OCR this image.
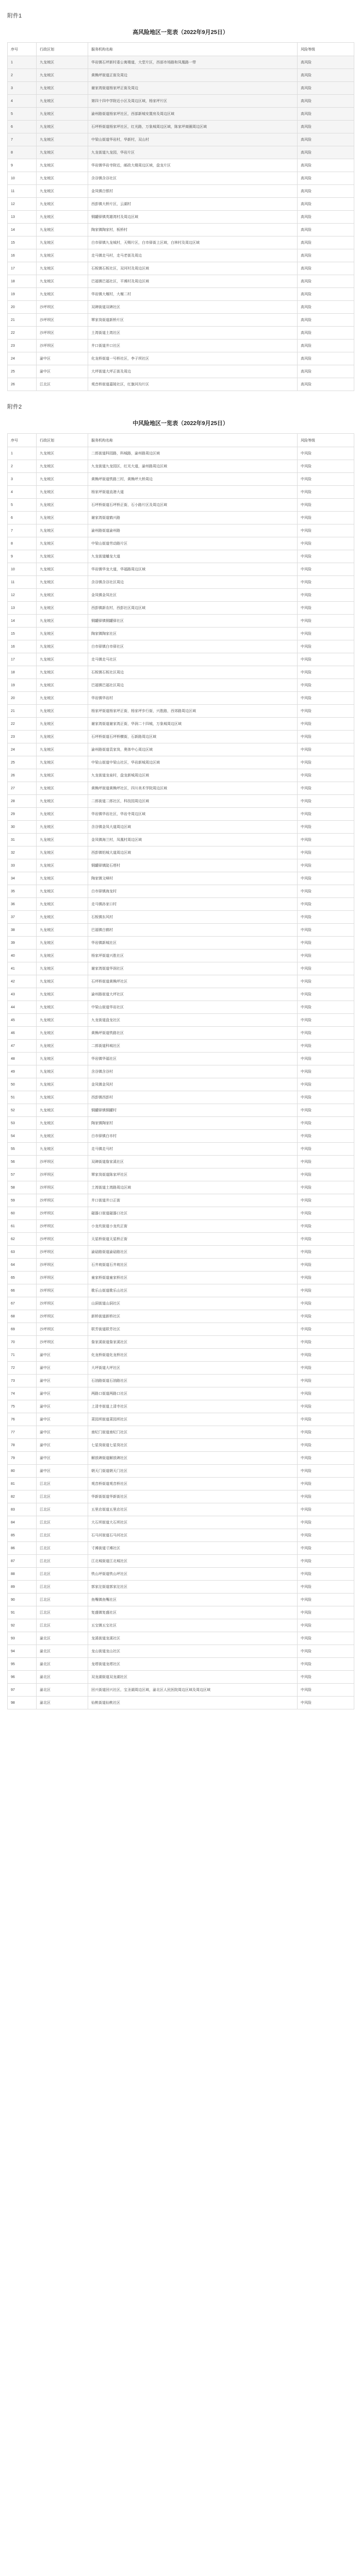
附件1
高风险地区一览表（2022年9月25日）
序号	行政区划	服务机构名称	风险等级
1	九龙坡区	华岩镇石坪新村委公寓楼道，大堂片区，西部市场路和凤凰路一带	高风险
2	九龙坡区	黄桷坪街道正街及周边	高风险
3	九龙坡区	谢家湾街道杨家坪正街及周边	高风险
4	九龙坡区	第四十四中学附近小区及周边区域，杨家坪片区	高风险
5	九龙坡区	渝州路街道杨家坪社区，西部新城安置房及周边区域	高风险
6	九龙坡区	石坪桥街道杨家坪社区，红光路，万象城周边区域，陈家坪商圈周边区域	高风险
7	九龙坡区	中梁山街道华岩村，华新村，双山村	高风险
8	九龙坡区	九龙街道九龙园，华岩片区	高风险
9	九龙坡区	华岩镇华岩寺附近，邮政大楼周边区域，盘龙片区	高风险
10	九龙坡区	含谷镇含谷社区	高风险
11	九龙坡区	金凤镇白银村	高风险
12	九龙坡区	西彭镇大桥片区，云湖村	高风险
13	九龙坡区	铜罐驿镇英雄湾村及周边区域	高风险
14	九龙坡区	陶家镇陶家村，板桥村	高风险
15	九龙坡区	白市驿镇九龙城村，天赐片区，白市驿街上区域，白林村及周边区域	高风险
16	九龙坡区	走马镇走马村，走马老街及周边	高风险
17	九龙坡区	石板镇石板社区，双河村及周边区域	高风险
18	九龙坡区	巴福镇巴福社区，平滩村及周边区域	高风险
19	九龙坡区	华岩镇大堰村，大堰二村	高风险
20	沙坪坝区	双碑街道双碑社区	高风险
21	沙坪坝区	覃家岗街道新桥片区	高风险
22	沙坪坝区	土湾街道土湾社区	高风险
23	沙坪坝区	井口街道井口社区	高风险
24	渝中区	化龙桥街道一号桥社区，李子坝社区	高风险
25	渝中区	大坪街道大坪正街及周边	高风险
26	江北区	观音桥街道嘉陵社区，红旗河沟片区	高风险
附件2
中风险地区一览表（2022年9月25日）
序号	行政区划	服务机构名称	风险等级
1	九龙坡区	二郎街道科园路，科城路，渝州路周边区域	中风险
2	九龙坡区	九龙街道九龙园区，红光大道，渝州路周边区域	中风险
3	九龙坡区	黄桷坪街道铁路三村，黄桷坪大桥周边	中风险
4	九龙坡区	杨家坪街道直港大道	中风险
5	九龙坡区	石坪桥街道石坪桥正街，石小路片区及周边区域	中风险
6	九龙坡区	谢家湾街道鹤兴路	中风险
7	九龙坡区	渝州路街道渝州路	中风险
8	九龙坡区	中梁山街道劳动路片区	中风险
9	九龙坡区	九龙街道蟠龙大道	中风险
10	九龙坡区	华岩镇华龙大道，华福路周边区域	中风险
11	九龙坡区	含谷镇含谷社区周边	中风险
12	九龙坡区	金凤镇金凤社区	中风险
13	九龙坡区	西彭镇新农村，西彭社区周边区域	中风险
14	九龙坡区	铜罐驿镇铜罐驿社区	中风险
15	九龙坡区	陶家镇陶家社区	中风险
16	九龙坡区	白市驿镇白市驿社区	中风险
17	九龙坡区	走马镇走马社区	中风险
18	九龙坡区	石板镇石板社区周边	中风险
19	九龙坡区	巴福镇巴福社区周边	中风险
20	九龙坡区	华岩镇华岩村	中风险
21	九龙坡区	杨家坪街道杨家坪正街，杨家坪步行街，兴胜路，西郊路周边区域	中风险
22	九龙坡区	谢家湾街道谢家湾正街，华润二十四城，万象城周边区域	中风险
23	九龙坡区	石坪桥街道石坪桥横街，石新路周边区域	中风险
24	九龙坡区	渝州路街道袁家岗，奥体中心周边区域	中风险
25	九龙坡区	中梁山街道中梁山社区，华岩新城周边区域	中风险
26	九龙坡区	九龙街道龙泉村，盘龙新城周边区域	中风险
27	九龙坡区	黄桷坪街道黄桷坪社区，四川美术学院周边区域	中风险
28	九龙坡区	二郎街道二郎社区，科技园周边区域	中风险
29	九龙坡区	华岩镇华岩社区，华岩寺周边区域	中风险
30	九龙坡区	含谷镇金凤大道周边区域	中风险
31	九龙坡区	金凤镇海兰村，凤凰村周边区域	中风险
32	九龙坡区	西彭镇铝城大道周边区域	中风险
33	九龙坡区	铜罐驿镇陡石塔村	中风险
34	九龙坡区	陶家镇文峰村	中风险
35	九龙坡区	白市驿镇海龙村	中风险
36	九龙坡区	走马镇孙家口村	中风险
37	九龙坡区	石板镇东风村	中风险
38	九龙坡区	巴福镇白鹤村	中风险
39	九龙坡区	华岩镇新城社区	中风险
40	九龙坡区	杨家坪街道兴胜社区	中风险
41	九龙坡区	谢家湾街道华润社区	中风险
42	九龙坡区	石坪桥街道黄桷坪社区	中风险
43	九龙坡区	渝州路街道大坪社区	中风险
44	九龙坡区	中梁山街道华岩社区	中风险
45	九龙坡区	九龙街道盘龙社区	中风险
46	九龙坡区	黄桷坪街道铁路社区	中风险
47	九龙坡区	二郎街道科城社区	中风险
48	九龙坡区	华岩镇华福社区	中风险
49	九龙坡区	含谷镇含谷村	中风险
50	九龙坡区	金凤镇金凤村	中风险
51	九龙坡区	西彭镇西彭村	中风险
52	九龙坡区	铜罐驿镇铜罐村	中风险
53	九龙坡区	陶家镇陶家村	中风险
54	九龙坡区	白市驿镇白市村	中风险
55	九龙坡区	走马镇走马村	中风险
56	沙坪坝区	双碑街道詹家溪社区	中风险
57	沙坪坝区	覃家岗街道陈家坪社区	中风险
58	沙坪坝区	土湾街道土湾路周边区域	中风险
59	沙坪坝区	井口街道井口正街	中风险
60	沙坪坝区	磁器口街道磁器口社区	中风险
61	沙坪坝区	小龙坎街道小龙坎正街	中风险
62	沙坪坝区	天星桥街道天星桥正街	中风险
63	沙坪坝区	渝碚路街道渝碚路社区	中风险
64	沙坪坝区	石井坡街道石井坡社区	中风险
65	沙坪坝区	童家桥街道童家桥社区	中风险
66	沙坪坝区	歌乐山街道歌乐山社区	中风险
67	沙坪坝区	山洞街道山洞社区	中风险
68	沙坪坝区	新桥街道新桥社区	中风险
69	沙坪坝区	联芳街道联芳社区	中风险
70	沙坪坝区	詹家溪街道詹家溪社区	中风险
71	渝中区	化龙桥街道化龙桥社区	中风险
72	渝中区	大坪街道大坪社区	中风险
73	渝中区	石油路街道石油路社区	中风险
74	渝中区	两路口街道两路口社区	中风险
75	渝中区	上清寺街道上清寺社区	中风险
76	渝中区	菜园坝街道菜园坝社区	中风险
77	渝中区	南纪门街道南纪门社区	中风险
78	渝中区	七星岗街道七星岗社区	中风险
79	渝中区	解放碑街道解放碑社区	中风险
80	渝中区	朝天门街道朝天门社区	中风险
81	江北区	观音桥街道观音桥社区	中风险
82	江北区	华新街街道华新街社区	中风险
83	江北区	五里店街道五里店社区	中风险
84	江北区	大石坝街道大石坝社区	中风险
85	江北区	石马河街道石马河社区	中风险
86	江北区	寸滩街道寸滩社区	中风险
87	江北区	江北城街道江北城社区	中风险
88	江北区	铁山坪街道铁山坪社区	中风险
89	江北区	郭家沱街道郭家沱社区	中风险
90	江北区	鱼嘴镇鱼嘴社区	中风险
91	江北区	复盛镇复盛社区	中风险
92	江北区	五宝镇五宝社区	中风险
93	渝北区	龙溪街道龙溪社区	中风险
94	渝北区	龙山街道龙山社区	中风险
95	渝北区	龙塔街道龙塔社区	中风险
96	渝北区	双龙湖街道双龙湖社区	中风险
97	渝北区	回兴街道回兴社区，宝圣湖周边区域，渝北区人民医院周边区域及周边区域	中风险
98	渝北区	仙桃街道仙桃社区	中风险
